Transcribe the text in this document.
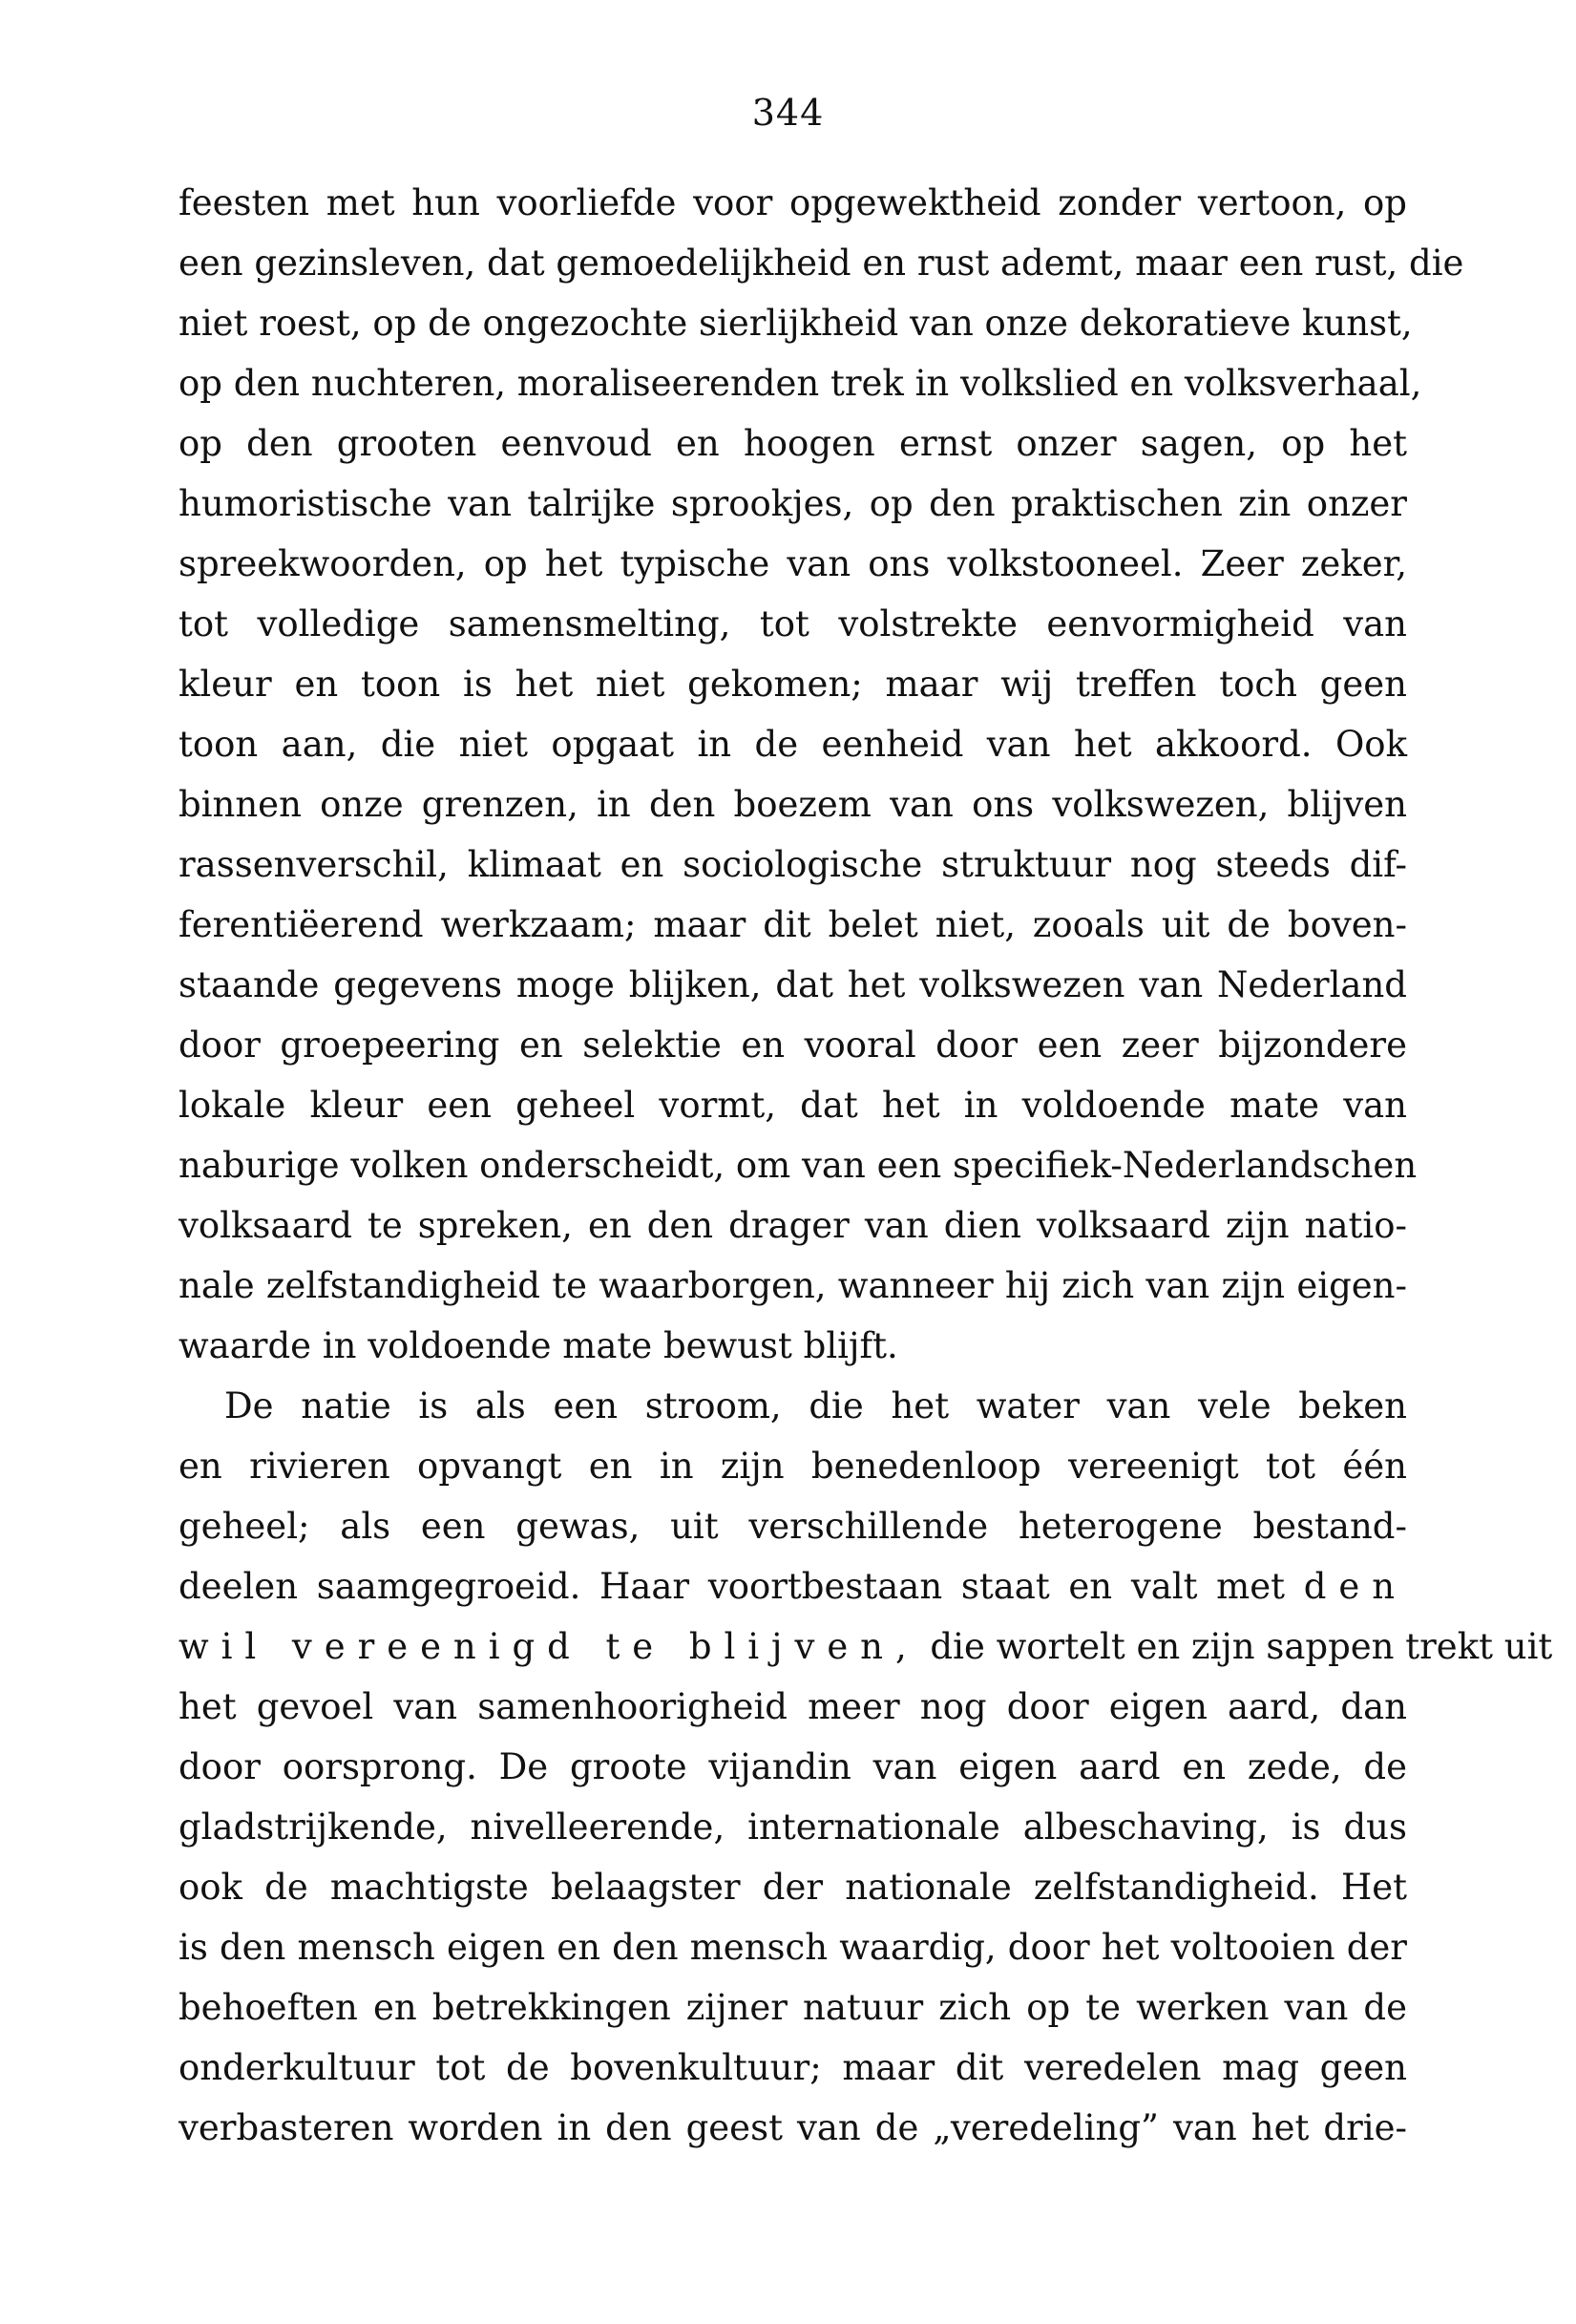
344
feesten met hun voorliefde voor opgewektheid zonder vertoon, op
een gezinsleven, dat gemoedelijkheid en rust ademt, maar een rust, die
niet roest, op de ongezochte sierlijkheid van onze dekoratieve kunst,
op den nuchteren, moraliseerenden trek in volkslied en volksverhaal,
op den grooten eenvoud en hoogen ernst onzer sagen, op het
humoristische van talrijke sprookjes, op den praktischen zin onzer
spreekwoorden, op het typische van ons volkstooneel. Zeer zeker,
tot volledige samensmelting, tot volstrekte eenvormigheid van
kleur en toon is het niet gekomen; maar wij treffen toch geen
toon aan, die niet opgaat in de eenheid van het akkoord. Ook
binnen onze grenzen, in den boezem van ons volkswezen, blijven
rassenverschil, klimaat en sociologische struktuur nog steeds dif-
ferentiëerend werkzaam; maar dit belet niet, zooals uit de boven-
staande gegevens moge blijken, dat het volkswezen van Nederland
door groepeering en selektie en vooral door een zeer bijzondere
lokale kleur een geheel vormt, dat het in voldoende mate van
naburige volken onderscheidt, om van een specifiek-Nederlandschen
volksaard te spreken, en den drager van dien volksaard zijn natio-
nale zelfstandigheid te waarborgen, wanneer hij zich van zijn eigen-
waarde in voldoende mate bewust blijft.
De natie is als een stroom, die het water van vele beken
en rivieren opvangt en in zijn benedenloop vereenigt tot één
geheel; als een gewas, uit verschillende heterogene bestand-
deelen saamgegroeid. Haar voortbestaan staat en valt met den
wil vereenigd te blijven, die wortelt en zijn sappen trekt uit
het gevoel van samenhoorigheid meer nog door eigen aard, dan
door oorsprong. De groote vijandin van eigen aard en zede, de
gladstrijkende, nivelleerende, internationale albeschaving, is dus
ook de machtigste belaagster der nationale zelfstandigheid. Het
is den mensch eigen en den mensch waardig, door het voltooien der
behoeften en betrekkingen zijner natuur zich op te werken van de
onderkultuur tot de bovenkultuur; maar dit veredelen mag geen
verbasteren worden in den geest van de „veredeling” van het drie-
